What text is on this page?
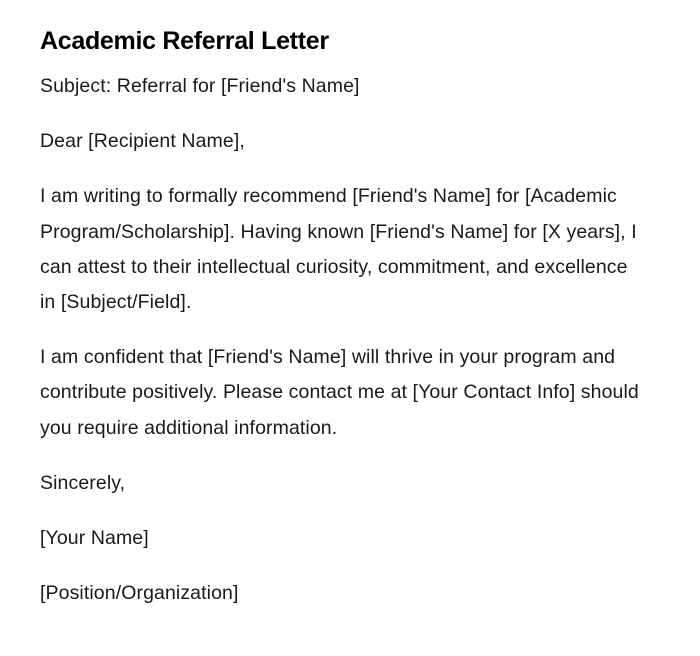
Academic Referral Letter

Subject: Referral for [Friend's Name]

Dear [Recipient Name],

I am writing to formally recommend [Friend's Name] for [Academic Program/Scholarship]. Having known [Friend's Name] for [X years], I can attest to their intellectual curiosity, commitment, and excellence in [Subject/Field].

I am confident that [Friend's Name] will thrive in your program and contribute positively. Please contact me at [Your Contact Info] should you require additional information.

Sincerely,

[Your Name]

[Position/Organization]
